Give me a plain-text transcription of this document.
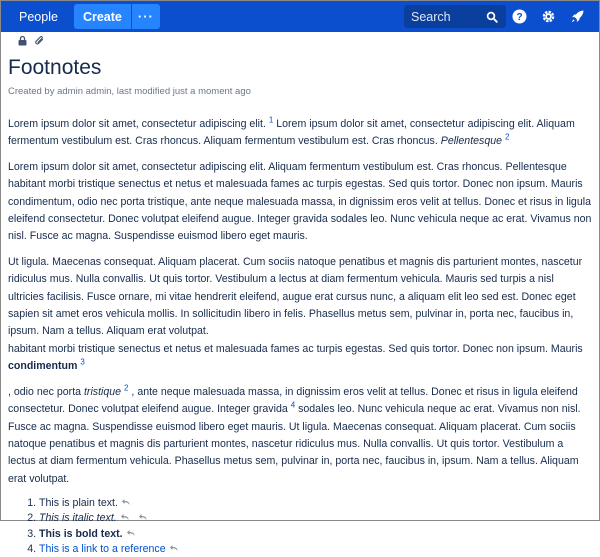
People	Create	···
Search	?
Footnotes
Created by admin admin, last modified just a moment ago

Lorem ipsum dolor sit amet, consectetur adipiscing elit. $^1$ Lorem ipsum dolor sit amet, consectetur adipiscing elit. Aliquam fermentum vestibulum est. Cras rhoncus. Aliquam fermentum vestibulum est. Cras rhoncus. Pellentesque $^2$

Lorem ipsum dolor sit amet, consectetur adipiscing elit. Aliquam fermentum vestibulum est. Cras rhoncus. Pellentesque habitant morbi tristique senectus et netus et malesuada fames ac turpis egestas. Sed quis tortor. Donec non ipsum. Mauris condimentum, odio nec porta tristique, ante neque malesuada massa, in dignissim eros velit at tellus. Donec et risus in ligula eleifend consectetur. Donec volutpat eleifend augue. Integer gravida sodales leo. Nunc vehicula neque ac erat. Vivamus non nisl. Fusce ac magna. Suspendisse euismod libero eget mauris.

Ut ligula. Maecenas consequat. Aliquam placerat. Cum sociis natoque penatibus et magnis dis parturient montes, nascetur ridiculus mus. Nulla convallis. Ut quis tortor. Vestibulum a lectus at diam fermentum vehicula. Mauris sed turpis a nisl ultricies facilisis. Fusce ornare, mi vitae hendrerit eleifend, augue erat cursus nunc, a aliquam elit leo sed est. Donec eget sapien sit amet eros vehicula mollis. In sollicitudin libero in felis. Phasellus metus sem, pulvinar in, porta nec, faucibus in, ipsum. Nam a tellus. Aliquam erat volutpat.
habitant morbi tristique senectus et netus et malesuada fames ac turpis egestas. Sed quis tortor. Donec non ipsum. Mauris condimentum $^3$

, odio nec porta tristique $^2$ , ante neque malesuada massa, in dignissim eros velit at tellus. Donec et risus in ligula eleifend consectetur. Donec volutpat eleifend augue. Integer gravida $^4$ sodales leo. Nunc vehicula neque ac erat. Vivamus non nisl. Fusce ac magna. Suspendisse euismod libero eget mauris. Ut ligula. Maecenas consequat. Aliquam placerat. Cum sociis natoque penatibus et magnis dis parturient montes, nascetur ridiculus mus. Nulla convallis. Ut quis tortor. Vestibulum a lectus at diam fermentum vehicula. Phasellus metus sem, pulvinar in, porta nec, faucibus in, ipsum. Nam a tellus. Aliquam erat volutpat.

1. This is plain text.
2. This is italic text.
3. This is bold text.
4. This is a link to a reference
